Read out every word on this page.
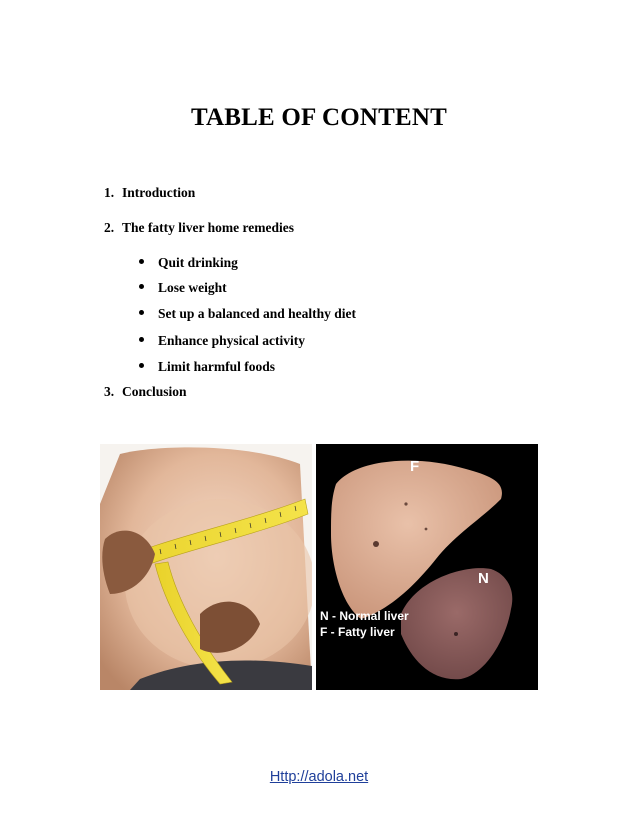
TABLE OF CONTENT
1. Introduction
2. The fatty liver home remedies
Quit drinking
Lose weight
Set up a balanced and healthy diet
Enhance physical activity
Limit harmful foods
3. Conclusion
F
N
N - Normal liver
F - Fatty liver
Http://adola.net
